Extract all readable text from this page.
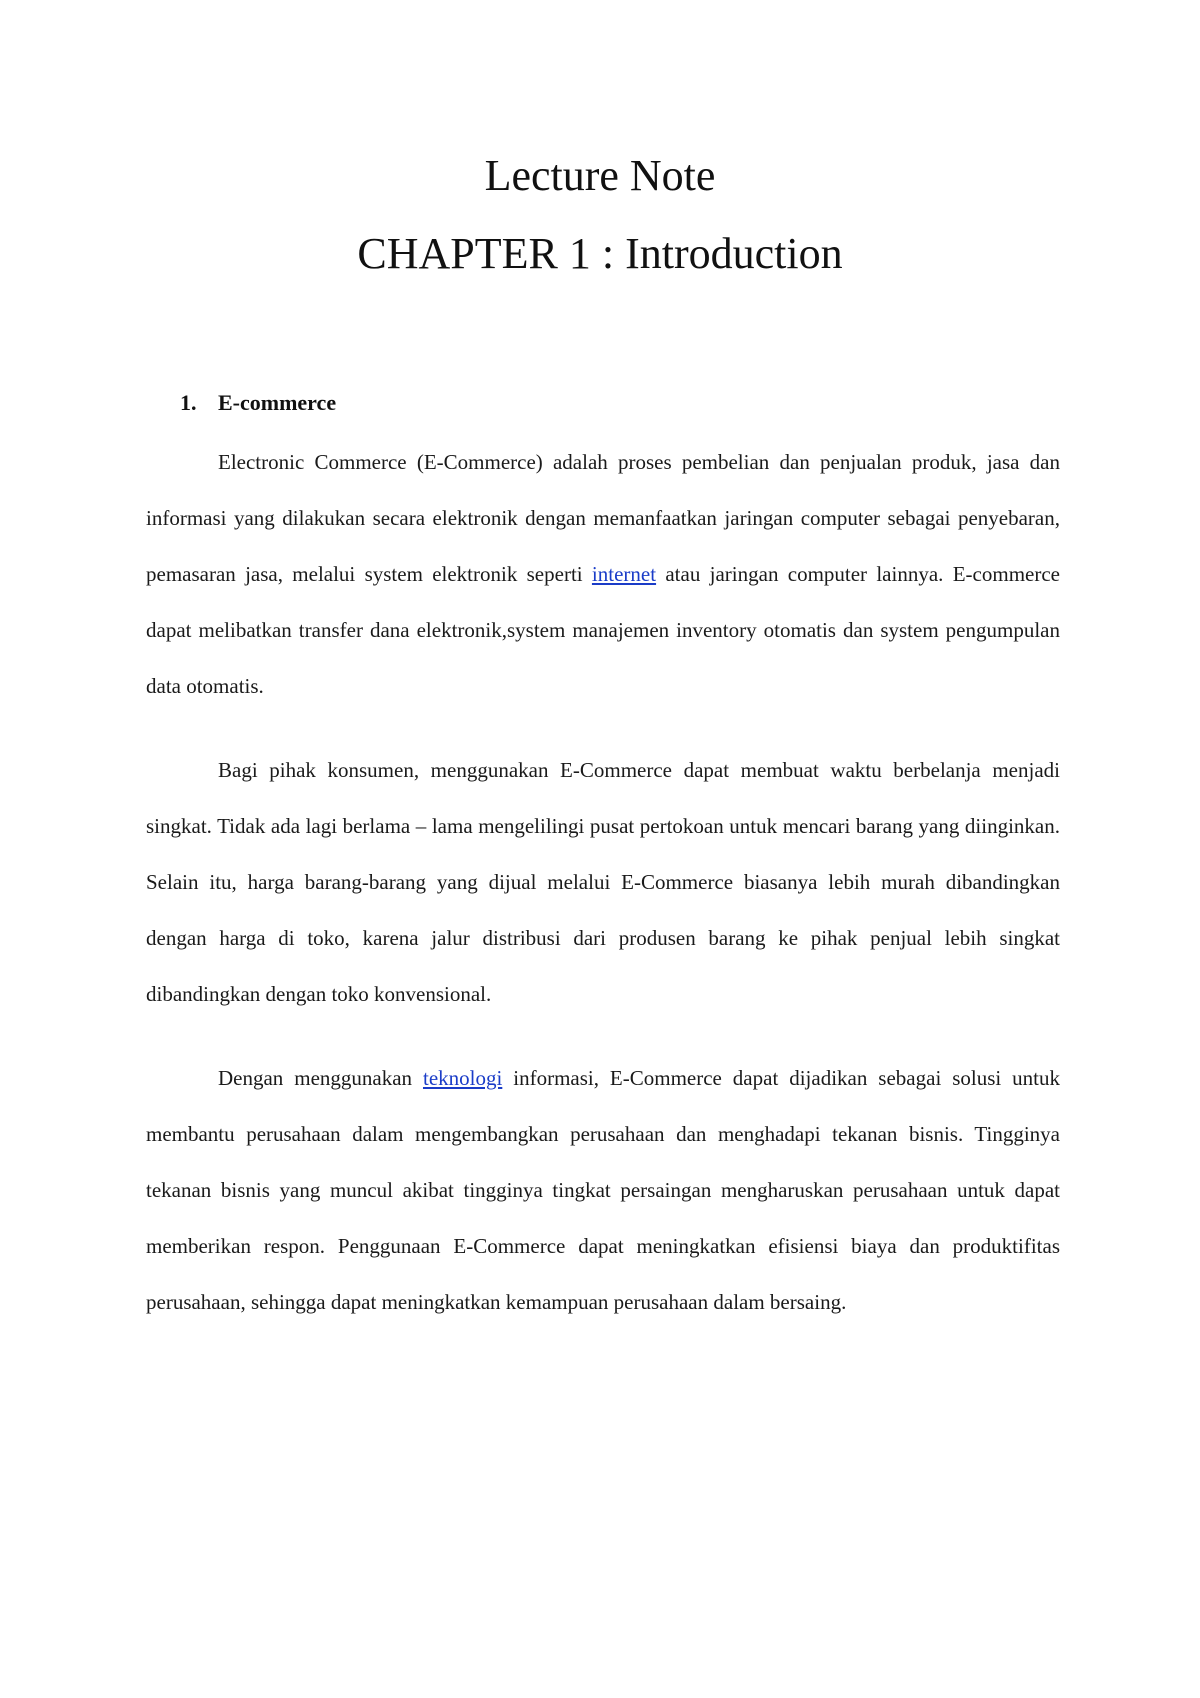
Lecture Note
CHAPTER 1 : Introduction
1. E-commerce
Electronic Commerce (E-Commerce) adalah proses pembelian dan penjualan produk, jasa dan informasi yang dilakukan secara elektronik dengan memanfaatkan jaringan computer sebagai penyebaran, pemasaran jasa, melalui system elektronik seperti internet atau jaringan computer lainnya. E-commerce dapat melibatkan transfer dana elektronik,system manajemen inventory otomatis dan system pengumpulan data otomatis.
Bagi pihak konsumen, menggunakan E-Commerce dapat membuat waktu berbelanja menjadi singkat. Tidak ada lagi berlama – lama mengelilingi pusat pertokoan untuk mencari barang yang diinginkan. Selain itu, harga barang-barang yang dijual melalui E-Commerce biasanya lebih murah dibandingkan dengan harga di toko, karena jalur distribusi dari produsen barang ke pihak penjual lebih singkat dibandingkan dengan toko konvensional.
Dengan menggunakan teknologi informasi, E-Commerce dapat dijadikan sebagai solusi untuk membantu perusahaan dalam mengembangkan perusahaan dan menghadapi tekanan bisnis. Tingginya tekanan bisnis yang muncul akibat tingginya tingkat persaingan mengharuskan perusahaan untuk dapat memberikan respon. Penggunaan E-Commerce dapat meningkatkan efisiensi biaya dan produktifitas perusahaan, sehingga dapat meningkatkan kemampuan perusahaan dalam bersaing.
